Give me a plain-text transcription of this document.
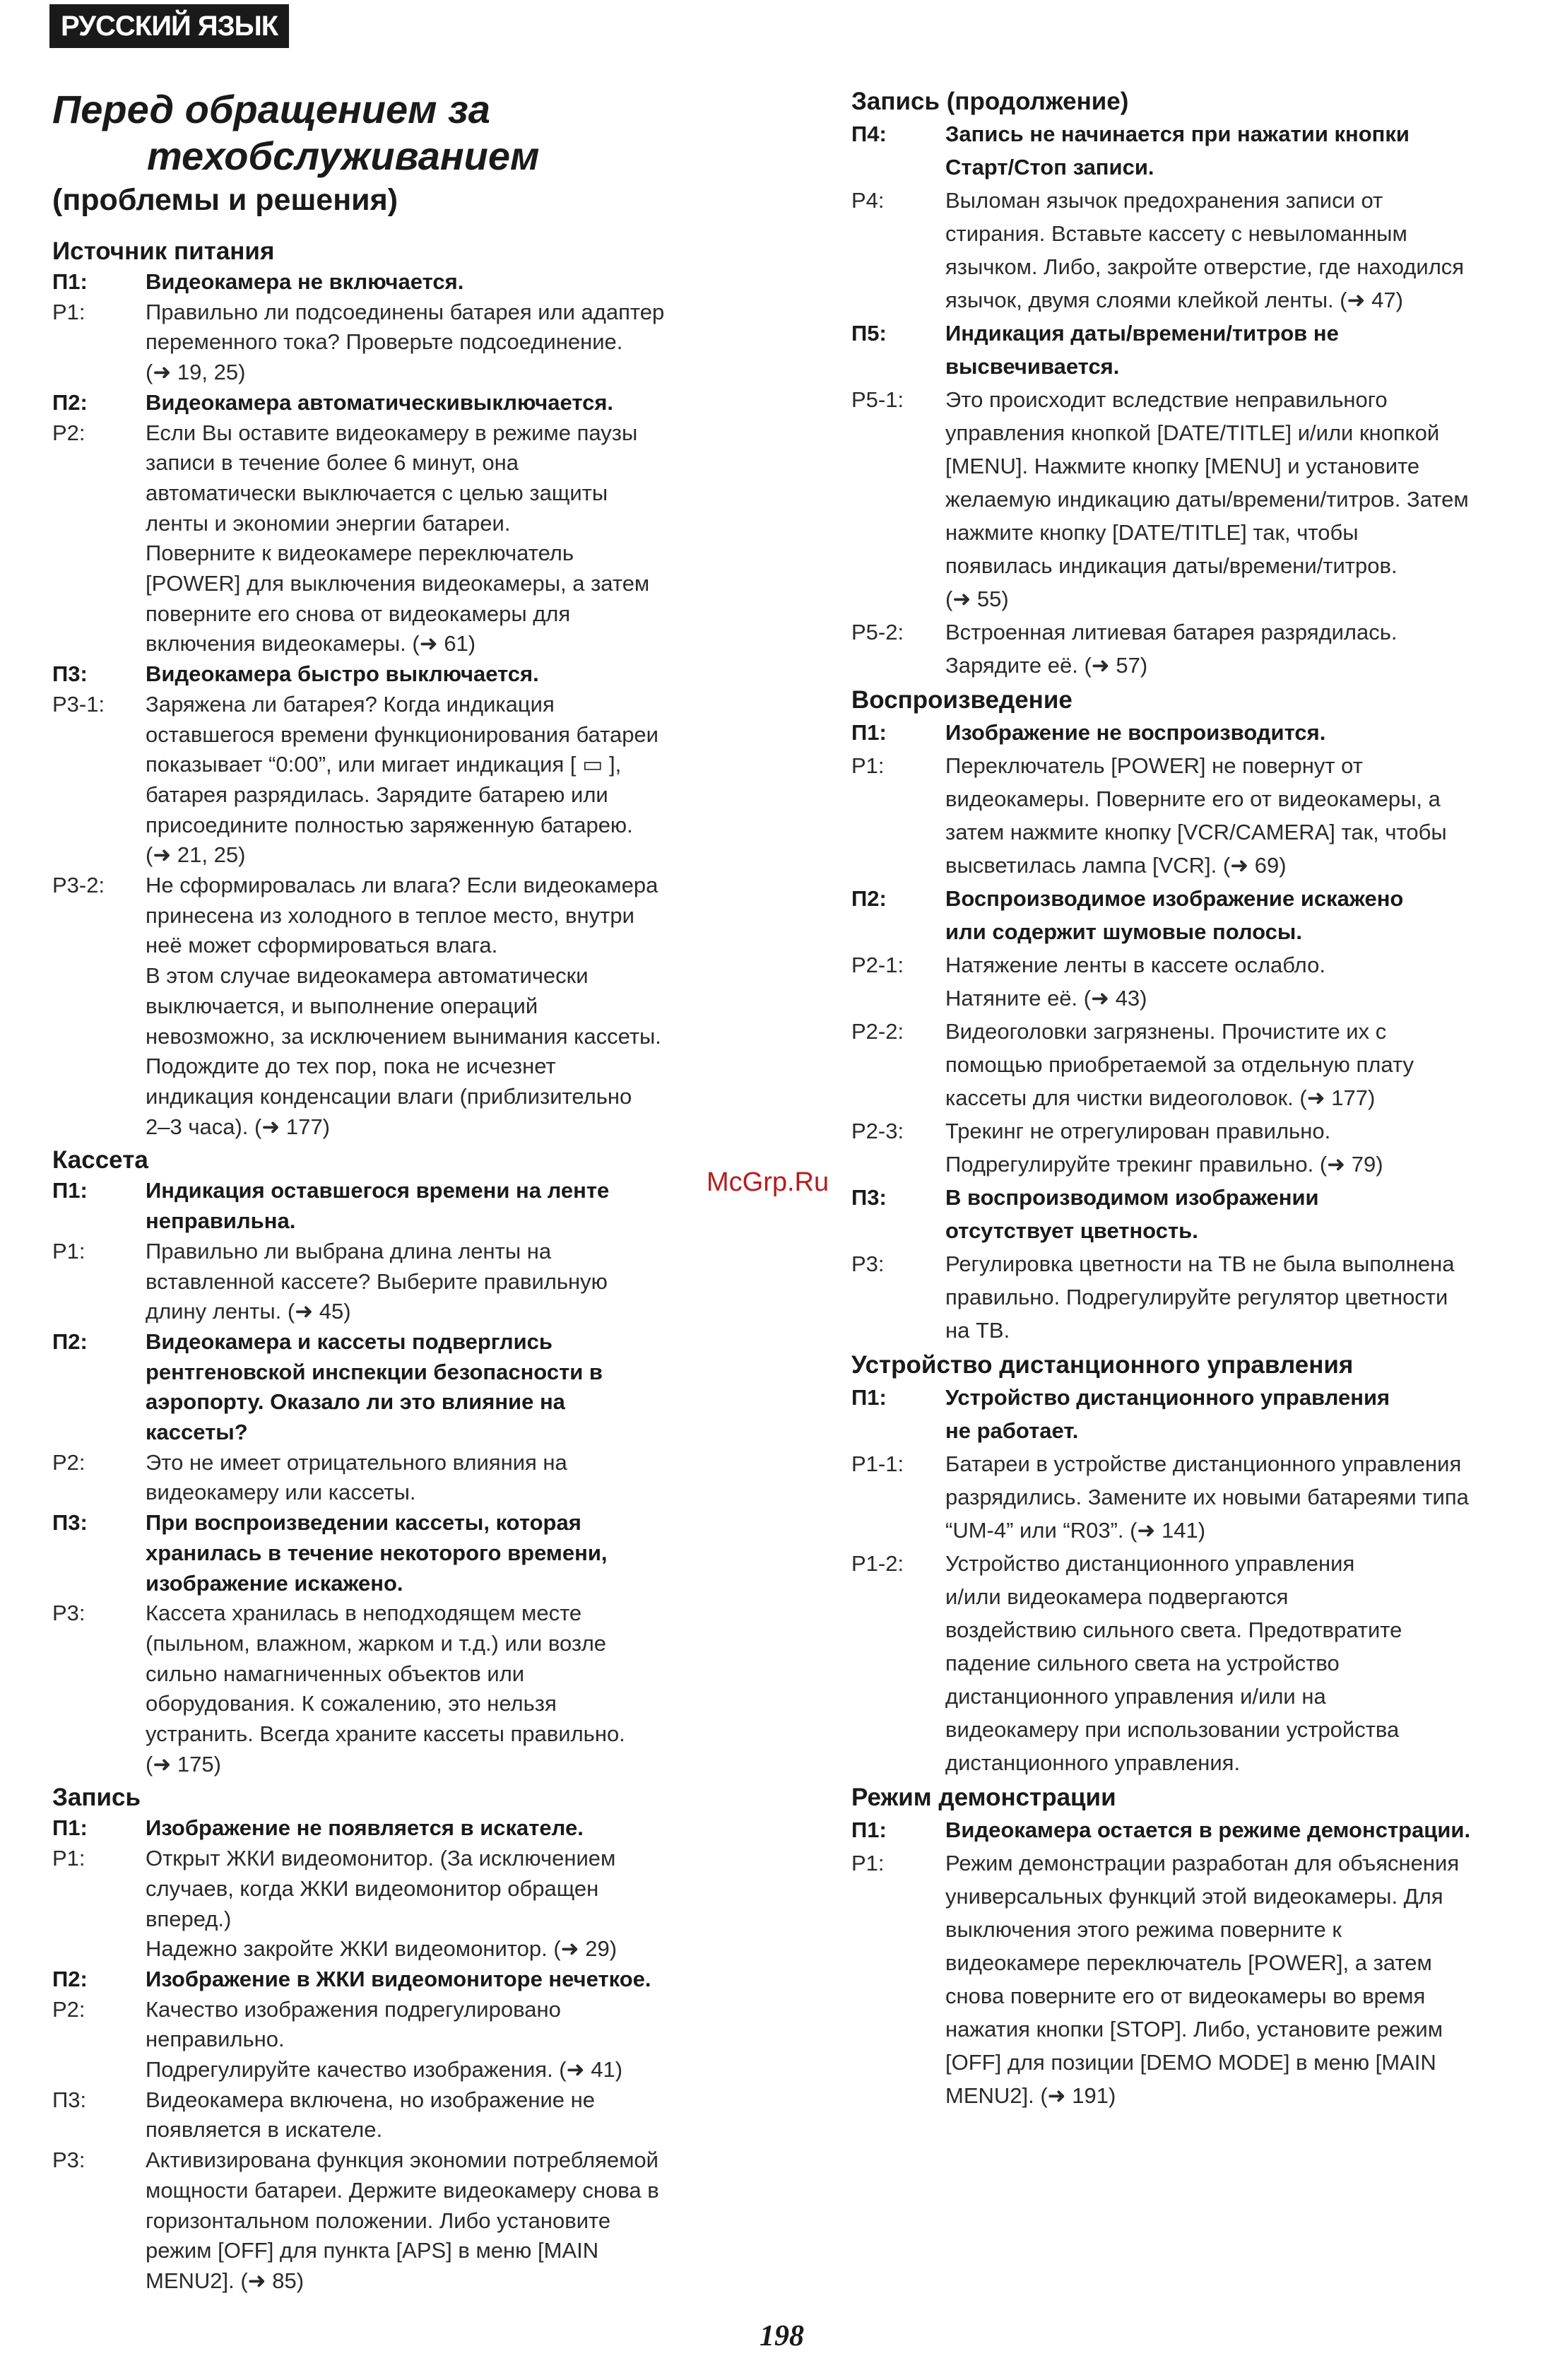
РУССКИЙ ЯЗЫК
Перед обращением за
техобслуживанием
(проблемы и решения)
Источник питания
П1:	Видеокамера не включается.
Р1:	Правильно ли подсоединены батарея или адаптер
переменного тока? Проверьте подсоединение.
(➜ 19, 25)
П2:	Видеокамера автоматическивыключается.
Р2:	Если Вы оставите видеокамеру в режиме паузы
записи в течение более 6 минут, она
автоматически выключается с целью защиты
ленты и экономии энергии батареи.
Поверните к видеокамере переключатель
[POWER] для выключения видеокамеры, а затем
поверните его снова от видеокамеры для
включения видеокамеры. (➜ 61)
П3:	Видеокамера быстро выключается.
Р3-1:	Заряжена ли батарея? Когда индикация
оставшегося времени функционирования батареи
показывает “0:00”, или мигает индикация [ ▭ ],
батарея разрядилась. Зарядите батарею или
присоедините полностью заряженную батарею.
(➜ 21, 25)
Р3-2:	Не сформировалась ли влага? Если видеокамера
принесена из холодного в теплое место, внутри
неё может сформироваться влага.
В этом случае видеокамера автоматически
выключается, и выполнение операций
невозможно, за исключением вынимания кассеты.
Подождите до тех пор, пока не исчезнет
индикация конденсации влаги (приблизительно
2–3 часа). (➜ 177)
Кассета
П1:	Индикация оставшегося времени на ленте
неправильна.
Р1:	Правильно ли выбрана длина ленты на
вставленной кассете? Выберите правильную
длину ленты. (➜ 45)
П2:	Видеокамера и кассеты подверглись
рентгеновской инспекции безопасности в
аэропорту. Оказало ли это влияние на
кассеты?
Р2:	Это не имеет отрицательного влияния на
видеокамеру или кассеты.
П3:	При воспроизведении кассеты, которая
хранилась в течение некоторого времени,
изображение искажено.
Р3:	Кассета хранилась в неподходящем месте
(пыльном, влажном, жарком и т.д.) или возле
сильно намагниченных объектов или
оборудования. К сожалению, это нельзя
устранить. Всегда храните кассеты правильно.
(➜ 175)
Запись
П1:	Изображение не появляется в искателе.
Р1:	Открыт ЖКИ видеомонитор. (За исключением
случаев, когда ЖКИ видеомонитор обращен
вперед.)
Надежно закройте ЖКИ видеомонитор. (➜ 29)
П2:	Изображение в ЖКИ видеомониторе нечеткое.
Р2:	Качество изображения подрегулировано
неправильно.
Подрегулируйте качество изображения. (➜ 41)
П3:	Видеокамера включена, но изображение не
появляется в искателе.
Р3:	Активизирована функция экономии потребляемой
мощности батареи. Держите видеокамеру снова в
горизонтальном положении. Либо установите
режим [OFF] для пункта [APS] в меню [MAIN
MENU2]. (➜ 85)
Запись (продолжение)
П4:	Запись не начинается при нажатии кнопки
Старт/Стоп записи.
Р4:	Выломан язычок предохранения записи от
стирания. Вставьте кассету с невыломанным
язычком. Либо, закройте отверстие, где находился
язычок, двумя слоями клейкой ленты. (➜ 47)
П5:	Индикация даты/времени/титров не
высвечивается.
Р5-1:	Это происходит вследствие неправильного
управления кнопкой [DATE/TITLE] и/или кнопкой
[MENU]. Нажмите кнопку [MENU] и установите
желаемую индикацию даты/времени/титров. Затем
нажмите кнопку [DATE/TITLE] так, чтобы
появилась индикация даты/времени/титров.
(➜ 55)
Р5-2:	Встроенная литиевая батарея разрядилась.
Зарядите её. (➜ 57)
Воспроизведение
П1:	Изображение не воспроизводится.
Р1:	Переключатель [POWER] не повернут от
видеокамеры. Поверните его от видеокамеры, а
затем нажмите кнопку [VCR/CAMERA] так, чтобы
высветилась лампа [VCR]. (➜ 69)
П2:	Воспроизводимое изображение искажено
или содержит шумовые полосы.
Р2-1:	Натяжение ленты в кассете ослабло.
Натяните её. (➜ 43)
Р2-2:	Видеоголовки загрязнены. Прочистите их с
помощью приобретаемой за отдельную плату
кассеты для чистки видеоголовок. (➜ 177)
Р2-3:	Трекинг не отрегулирован правильно.
Подрегулируйте трекинг правильно. (➜ 79)
П3:	В воспроизводимом изображении
отсутствует цветность.
Р3:	Регулировка цветности на ТВ не была выполнена
правильно. Подрегулируйте регулятор цветности
на ТВ.
Устройство дистанционного управления
П1:	Устройство дистанционного управления
не работает.
Р1-1:	Батареи в устройстве дистанционного управления
разрядились. Замените их новыми батареями типа
“UM-4” или “R03”. (➜ 141)
Р1-2:	Устройство дистанционного управления
и/или видеокамера подвергаются
воздействию сильного света. Предотвратите
падение сильного света на устройство
дистанционного управления и/или на
видеокамеру при использовании устройства
дистанционного управления.
Режим демонстрации
П1:	Видеокамера остается в режиме демонстрации.
Р1:	Режим демонстрации разработан для объяснения
универсальных функций этой видеокамеры. Для
выключения этого режима поверните к
видеокамере переключатель [POWER], а затем
снова поверните его от видеокамеры во время
нажатия кнопки [STOP]. Либо, установите режим
[OFF] для позиции [DEMO MODE] в меню [MAIN
MENU2]. (➜ 191)
McGrp.Ru
198
